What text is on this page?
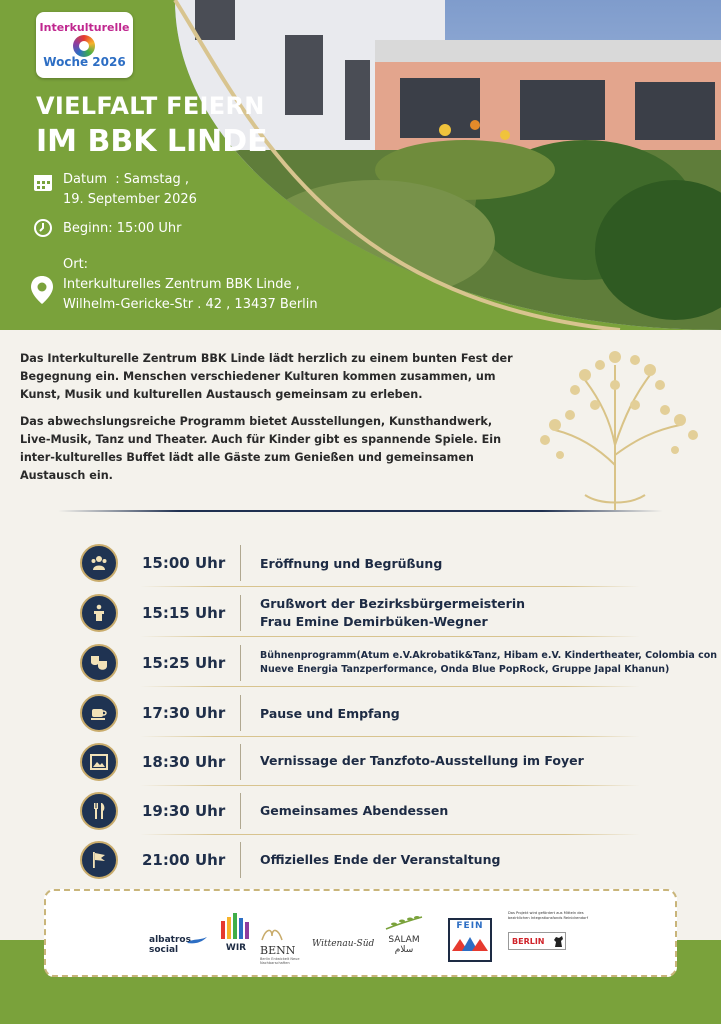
Interkulturelle
Woche 2026
VIELFALT FEIERN
IM BBK LINDE
Datum  : Samstag ,
19. September 2026
Beginn: 15:00 Uhr
Ort:
Interkulturelles Zentrum BBK Linde ,
Wilhelm-Gericke-Str . 42 , 13437 Berlin
Das Interkulturelle Zentrum BBK Linde lädt herzlich zu einem bunten Fest der Begegnung ein. Menschen verschiedener Kulturen kommen zusammen, um Kunst, Musik und kulturellen Austausch gemeinsam zu erleben.
Das abwechslungsreiche Programm bietet Ausstellungen, Kunsthandwerk, Live-Musik, Tanz und Theater. Auch für Kinder gibt es spannende Spiele. Ein inter-kulturelles Buffet lädt alle Gäste zum Genießen und gemeinsamen Austausch ein.
15:00 Uhr	Eröffnung und Begrüßung
15:15 Uhr
Grußwort der Bezirksbürgermeisterin
Frau Emine Demirbüken-Wegner
15:25 Uhr	Bühnenprogramm(Atum e.V.Akrobatik&Tanz, Hibam e.V. Kindertheater, Colombia con
Nueve Energia Tanzperformance, Onda Blue PopRock, Gruppe Japal Khanun)
17:30 Uhr	Pause und Empfang
18:30 Uhr	Vernissage der Tanzfoto-Ausstellung im Foyer
19:30 Uhr	Gemeinsames Abendessen
21:00 Uhr	Offizielles Ende der Veranstaltung
albatros
social	WIR	BENN
Berlin Entwickelt Neue Nachbarschaften
Wittenau-Süd	SALAM
سلام
FEIN
Das Projekt wird gefördert aus Mitteln des bezirklichen Integrationsfonds Reinickendorf
BERLIN
